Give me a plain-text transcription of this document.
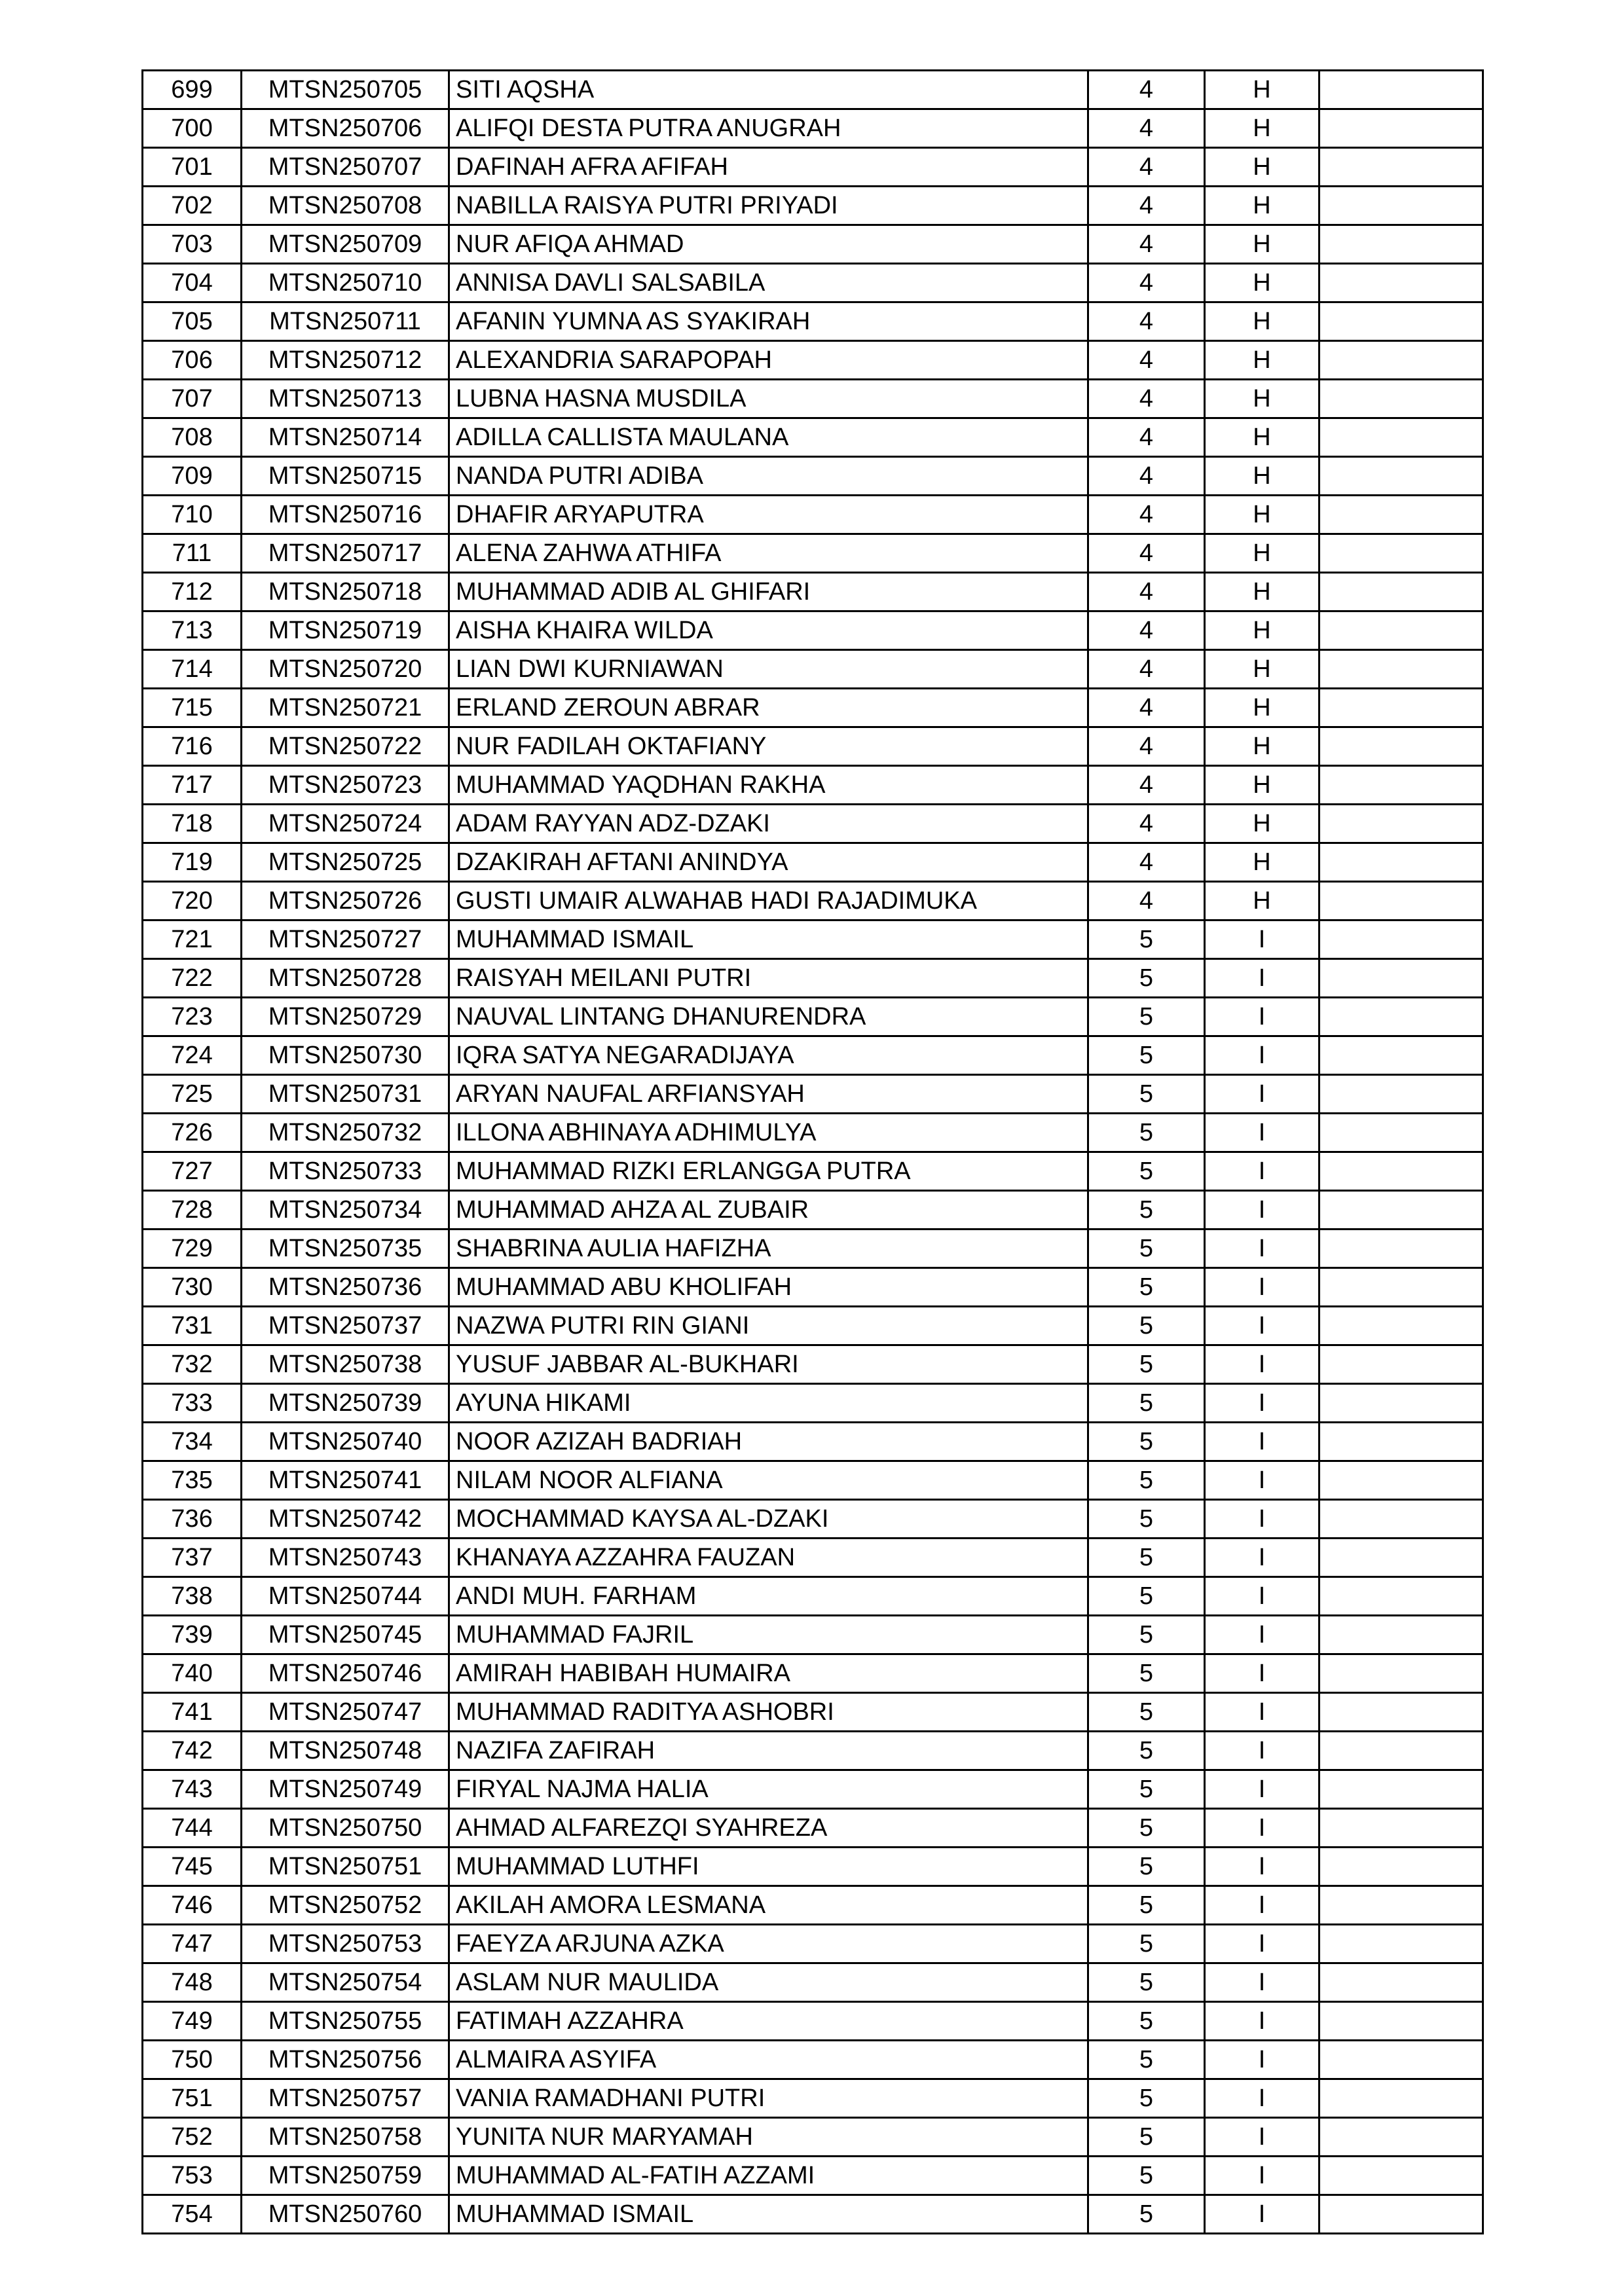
699	MTSN250705	SITI AQSHA	4	H	
700	MTSN250706	ALIFQI DESTA PUTRA ANUGRAH	4	H	
701	MTSN250707	DAFINAH AFRA AFIFAH	4	H	
702	MTSN250708	NABILLA RAISYA PUTRI PRIYADI	4	H	
703	MTSN250709	NUR AFIQA AHMAD	4	H	
704	MTSN250710	ANNISA DAVLI SALSABILA	4	H	
705	MTSN250711	AFANIN YUMNA AS SYAKIRAH	4	H	
706	MTSN250712	ALEXANDRIA SARAPOPAH	4	H	
707	MTSN250713	LUBNA HASNA MUSDILA	4	H	
708	MTSN250714	ADILLA CALLISTA MAULANA	4	H	
709	MTSN250715	NANDA PUTRI ADIBA	4	H	
710	MTSN250716	DHAFIR ARYAPUTRA	4	H	
711	MTSN250717	ALENA ZAHWA ATHIFA	4	H	
712	MTSN250718	MUHAMMAD ADIB AL GHIFARI	4	H	
713	MTSN250719	AISHA KHAIRA WILDA	4	H	
714	MTSN250720	LIAN DWI KURNIAWAN	4	H	
715	MTSN250721	ERLAND ZEROUN ABRAR	4	H	
716	MTSN250722	NUR FADILAH OKTAFIANY	4	H	
717	MTSN250723	MUHAMMAD YAQDHAN RAKHA	4	H	
718	MTSN250724	ADAM RAYYAN ADZ-DZAKI	4	H	
719	MTSN250725	DZAKIRAH AFTANI ANINDYA	4	H	
720	MTSN250726	GUSTI UMAIR ALWAHAB HADI RAJADIMUKA	4	H	
721	MTSN250727	MUHAMMAD ISMAIL	5	I	
722	MTSN250728	RAISYAH MEILANI PUTRI	5	I	
723	MTSN250729	NAUVAL LINTANG DHANURENDRA	5	I	
724	MTSN250730	IQRA SATYA NEGARADIJAYA	5	I	
725	MTSN250731	ARYAN NAUFAL ARFIANSYAH	5	I	
726	MTSN250732	ILLONA ABHINAYA ADHIMULYA	5	I	
727	MTSN250733	MUHAMMAD RIZKI ERLANGGA PUTRA	5	I	
728	MTSN250734	MUHAMMAD AHZA AL ZUBAIR	5	I	
729	MTSN250735	SHABRINA AULIA HAFIZHA	5	I	
730	MTSN250736	MUHAMMAD ABU KHOLIFAH	5	I	
731	MTSN250737	NAZWA PUTRI RIN GIANI	5	I	
732	MTSN250738	YUSUF JABBAR AL-BUKHARI	5	I	
733	MTSN250739	AYUNA HIKAMI	5	I	
734	MTSN250740	NOOR AZIZAH BADRIAH	5	I	
735	MTSN250741	NILAM NOOR ALFIANA	5	I	
736	MTSN250742	MOCHAMMAD KAYSA AL-DZAKI	5	I	
737	MTSN250743	KHANAYA AZZAHRA FAUZAN	5	I	
738	MTSN250744	ANDI MUH. FARHAM	5	I	
739	MTSN250745	MUHAMMAD FAJRIL	5	I	
740	MTSN250746	AMIRAH HABIBAH HUMAIRA	5	I	
741	MTSN250747	MUHAMMAD RADITYA ASHOBRI	5	I	
742	MTSN250748	NAZIFA ZAFIRAH	5	I	
743	MTSN250749	FIRYAL NAJMA HALIA	5	I	
744	MTSN250750	AHMAD ALFAREZQI SYAHREZA	5	I	
745	MTSN250751	MUHAMMAD LUTHFI	5	I	
746	MTSN250752	AKILAH AMORA LESMANA	5	I	
747	MTSN250753	FAEYZA ARJUNA AZKA	5	I	
748	MTSN250754	ASLAM NUR MAULIDA	5	I	
749	MTSN250755	FATIMAH AZZAHRA	5	I	
750	MTSN250756	ALMAIRA ASYIFA	5	I	
751	MTSN250757	VANIA RAMADHANI PUTRI	5	I	
752	MTSN250758	YUNITA NUR MARYAMAH	5	I	
753	MTSN250759	MUHAMMAD AL-FATIH AZZAMI	5	I	
754	MTSN250760	MUHAMMAD ISMAIL	5	I	
